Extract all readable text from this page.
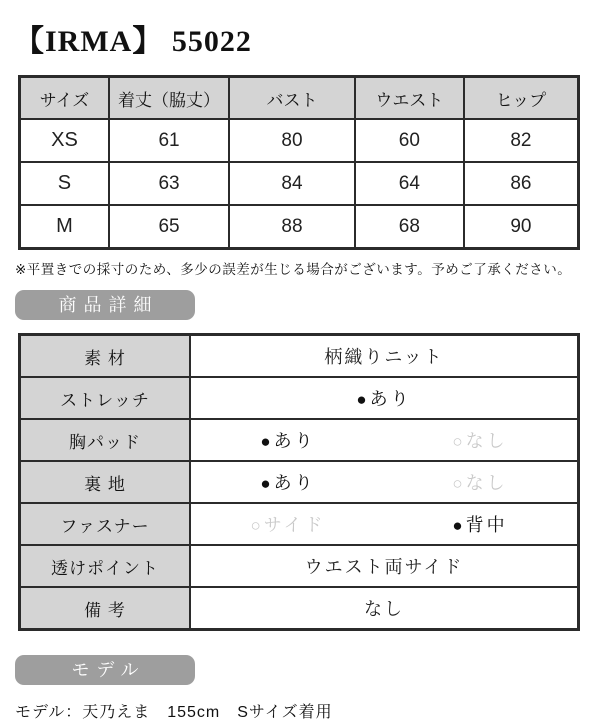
【IRMA】 55022
サイズ	着丈（脇丈）	バスト	ウエスト	ヒップ
XS	61	80	60	82
S	63	84	64	86
M	65	88	68	90

※平置きでの採寸のため、多少の誤差が生じる場合がございます。予めご了承ください。

商品詳細
素 材	柄織りニット
ストレッチ	● あり
胸パッド	● あり ○ なし

裏 地	● あり ○ なし

ファスナー	○ サイド ● 背中

透けポイント	ウエスト両サイド
備 考	なし
モデル

モデル：天乃えま　155cm　Sサイズ着用
